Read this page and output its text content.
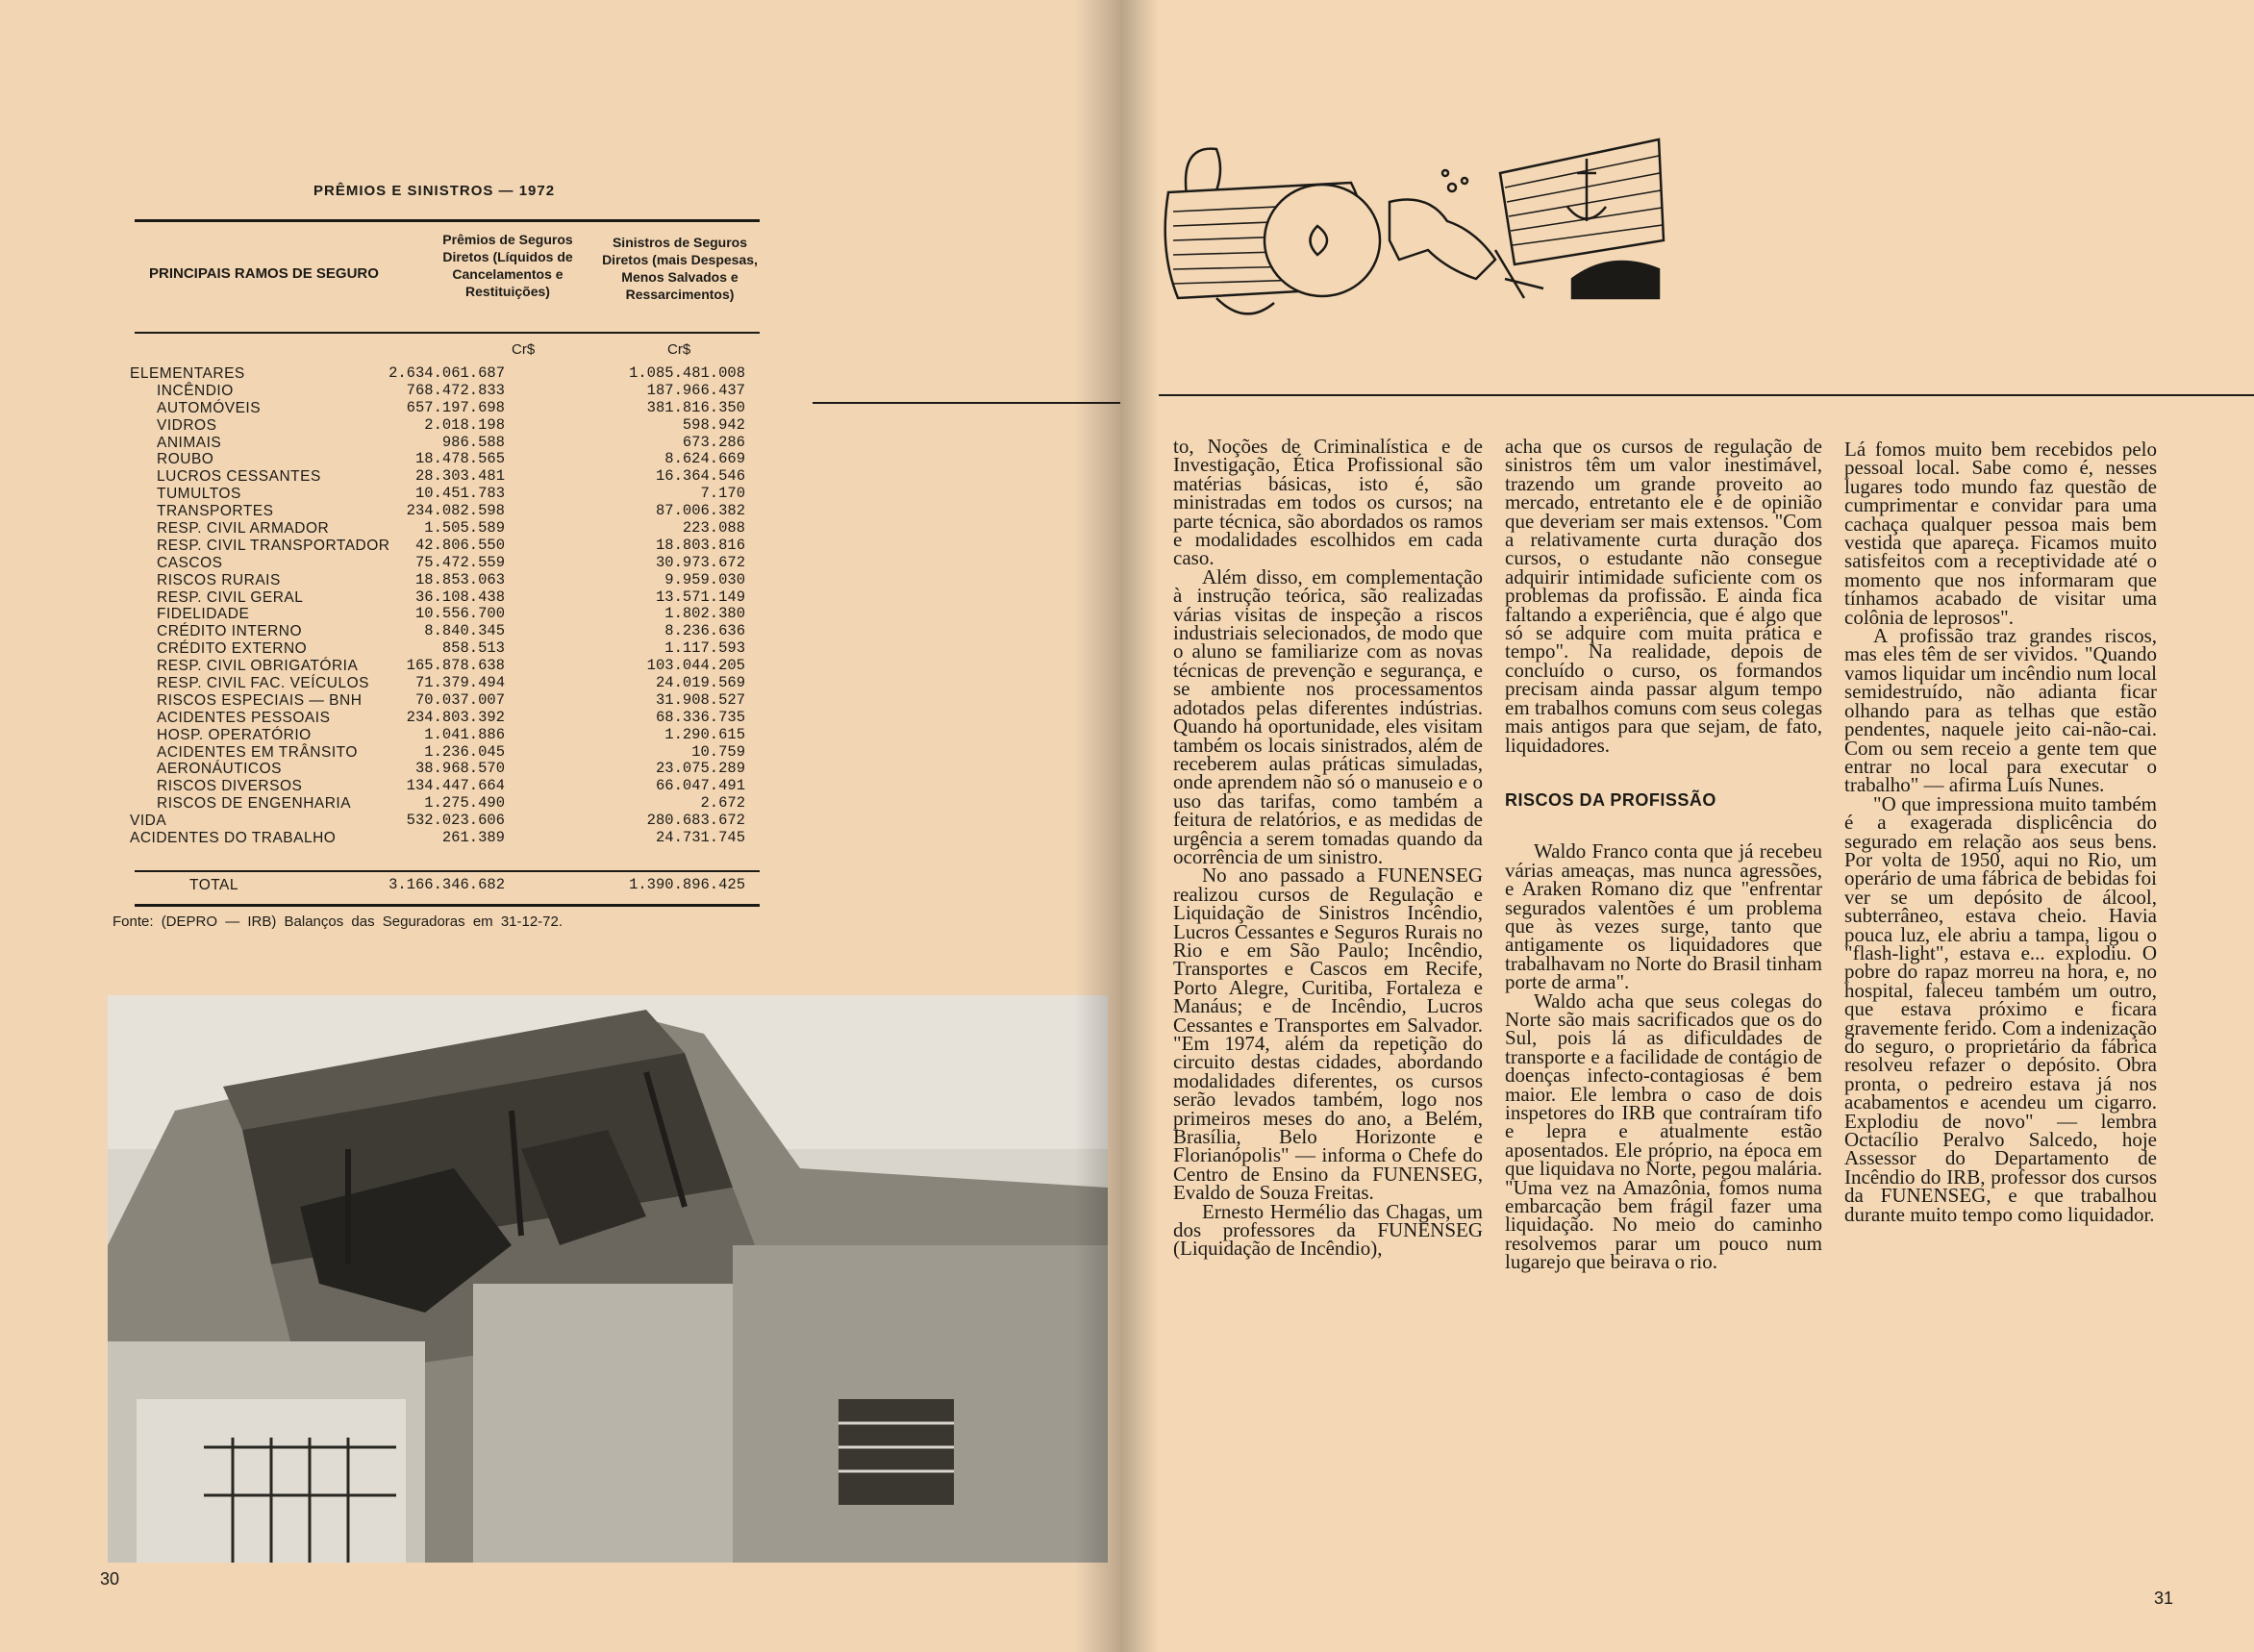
PRÊMIOS E SINISTROS — 1972
PRINCIPAIS RAMOS DE SEGURO
Prêmios de Seguros Diretos (Líquidos de Cancelamentos e Restituições)
Sinistros de Seguros Diretos (mais Despesas, Menos Salvados e Ressarcimentos)
Cr$	Cr$
ELEMENTARES	2.634.061.687	1.085.481.008
INCÊNDIO	768.472.833	187.966.437
AUTOMÓVEIS	657.197.698	381.816.350
VIDROS	2.018.198	598.942
ANIMAIS	986.588	673.286
ROUBO	18.478.565	8.624.669
LUCROS CESSANTES	28.303.481	16.364.546
TUMULTOS	10.451.783	7.170
TRANSPORTES	234.082.598	87.006.382
RESP. CIVIL ARMADOR	1.505.589	223.088
RESP. CIVIL TRANSPORTADOR 42.806.550	18.803.816
CASCOS	75.472.559	30.973.672
RISCOS RURAIS	18.853.063	9.959.030
RESP. CIVIL GERAL	36.108.438	13.571.149
FIDELIDADE	10.556.700	1.802.380
CRÉDITO INTERNO	8.840.345	8.236.636
CRÉDITO EXTERNO	858.513	1.117.593
RESP. CIVIL OBRIGATÓRIA	165.878.638	103.044.205
RESP. CIVIL FAC. VEÍCULOS	71.379.494	24.019.569
RISCOS ESPECIAIS — BNH	70.037.007	31.908.527
ACIDENTES PESSOAIS	234.803.392	68.336.735
HOSP. OPERATÓRIO	1.041.886	1.290.615
ACIDENTES EM TRÂNSITO	1.236.045	10.759
AERONÁUTICOS	38.968.570	23.075.289
RISCOS DIVERSOS	134.447.664	66.047.491
RISCOS DE ENGENHARIA	1.275.490	2.672
VIDA	532.023.606	280.683.672
ACIDENTES DO TRABALHO	261.389	24.731.745
TOTAL	3.166.346.682	1.390.896.425
Fonte: (DEPRO — IRB) Balanços das Seguradoras em 31-12-72.
30

to, Noções de Criminalística e de Investigação, Ética Profissional são matérias básicas, isto é, são ministradas em todos os cursos; na parte técnica, são abordados os ramos e modalidades escolhidos em cada caso.

Além disso, em complementação à instrução teórica, são realizadas várias visitas de inspeção a riscos industriais selecionados, de modo que o aluno se familiarize com as novas técnicas de prevenção e segurança, e se ambiente nos processamentos adotados pelas diferentes indústrias. Quando há oportunidade, eles visitam também os locais sinistrados, além de receberem aulas práticas simuladas, onde aprendem não só o manuseio e o uso das tarifas, como também a feitura de relatórios, e as medidas de urgência a serem tomadas quando da ocorrência de um sinistro.

No ano passado a FUNENSEG realizou cursos de Regulação e Liquidação de Sinistros Incêndio, Lucros Cessantes e Seguros Rurais no Rio e em São Paulo; Incêndio, Transportes e Cascos em Recife, Porto Alegre, Curitiba, Fortaleza e Manáus; e de Incêndio, Lucros Cessantes e Transportes em Salvador. "Em 1974, além da repetição do circuito destas cidades, abordando modalidades diferentes, os cursos serão levados também, logo nos primeiros meses do ano, a Belém, Brasília, Belo Horizonte e Florianópolis" — informa o Chefe do Centro de Ensino da FUNENSEG, Evaldo de Souza Freitas.

Ernesto Hermélio das Chagas, um dos professores da FUNENSEG (Liquidação de Incêndio),

acha que os cursos de regulação de sinistros têm um valor inestimável, trazendo um grande proveito ao mercado, entretanto ele é de opinião que deveriam ser mais extensos. "Com a relativamente curta duração dos cursos, o estudante não consegue adquirir intimidade suficiente com os problemas da profissão. E ainda fica faltando a experiência, que é algo que só se adquire com muita prática e tempo". Na realidade, depois de concluído o curso, os formandos precisam ainda passar algum tempo em trabalhos comuns com seus colegas mais antigos para que sejam, de fato, liquidadores.

RISCOS DA PROFISSÃO

Waldo Franco conta que já recebeu várias ameaças, mas nunca agressões, e Araken Romano diz que "enfrentar segurados valentões é um problema que às vezes surge, tanto que antigamente os liquidadores que trabalhavam no Norte do Brasil tinham porte de arma".

Waldo acha que seus colegas do Norte são mais sacrificados que os do Sul, pois lá as dificuldades de transporte e a facilidade de contágio de doenças infecto-contagiosas é bem maior. Ele lembra o caso de dois inspetores do IRB que contraíram tifo e lepra e atualmente estão aposentados. Ele próprio, na época em que liquidava no Norte, pegou malária. "Uma vez na Amazônia, fomos numa embarcação bem frágil fazer uma liquidação. No meio do caminho resolvemos parar um pouco num lugarejo que beirava o rio.

Lá fomos muito bem recebidos pelo pessoal local. Sabe como é, nesses lugares todo mundo faz questão de cumprimentar e convidar para uma cachaça qualquer pessoa mais bem vestida que apareça. Ficamos muito satisfeitos com a receptividade até o momento que nos informaram que tínhamos acabado de visitar uma colônia de leprosos".

A profissão traz grandes riscos, mas eles têm de ser vividos. "Quando vamos liquidar um incêndio num local semidestruído, não adianta ficar olhando para as telhas que estão pendentes, naquele jeito cai-não-cai. Com ou sem receio a gente tem que entrar no local para executar o trabalho" — afirma Luís Nunes.

"O que impressiona muito também é a exagerada displicência do segurado em relação aos seus bens. Por volta de 1950, aqui no Rio, um operário de uma fábrica de bebidas foi ver se um depósito de álcool, subterrâneo, estava cheio. Havia pouca luz, ele abriu a tampa, ligou o "flash-light", estava e... explodiu. O pobre do rapaz morreu na hora, e, no hospital, faleceu também um outro, que estava próximo e ficara gravemente ferido. Com a indenização do seguro, o proprietário da fábrica resolveu refazer o depósito. Obra pronta, o pedreiro estava já nos acabamentos e acendeu um cigarro. Explodiu de novo" — lembra Octacílio Peralvo Salcedo, hoje Assessor do Departamento de Incêndio do IRB, professor dos cursos da FUNENSEG, e que trabalhou durante muito tempo como liquidador.

31
